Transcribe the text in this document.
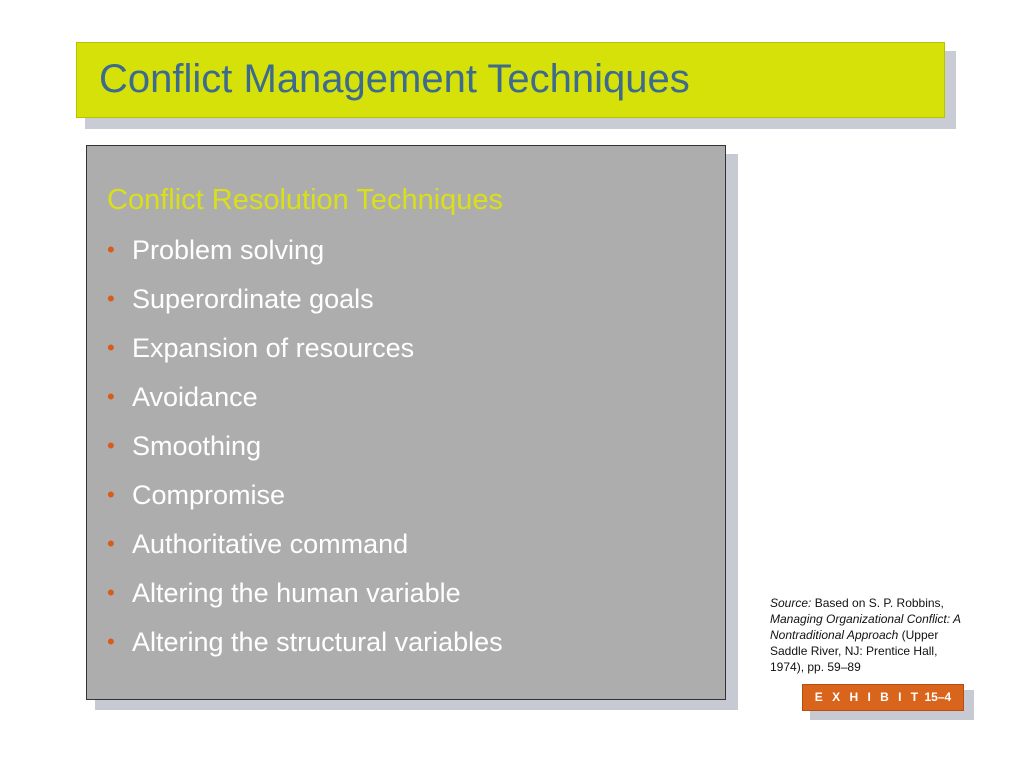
Conflict Management Techniques
Conflict Resolution Techniques
• Problem solving
• Superordinate goals
• Expansion of resources
• Avoidance
• Smoothing
• Compromise
• Authoritative command
• Altering the human variable
• Altering the structural variables
Source: Based on S. P. Robbins, Managing Organizational Conflict: A Nontraditional Approach (Upper Saddle River, NJ: Prentice Hall, 1974), pp. 59–89
E X H I B I T 15–4
